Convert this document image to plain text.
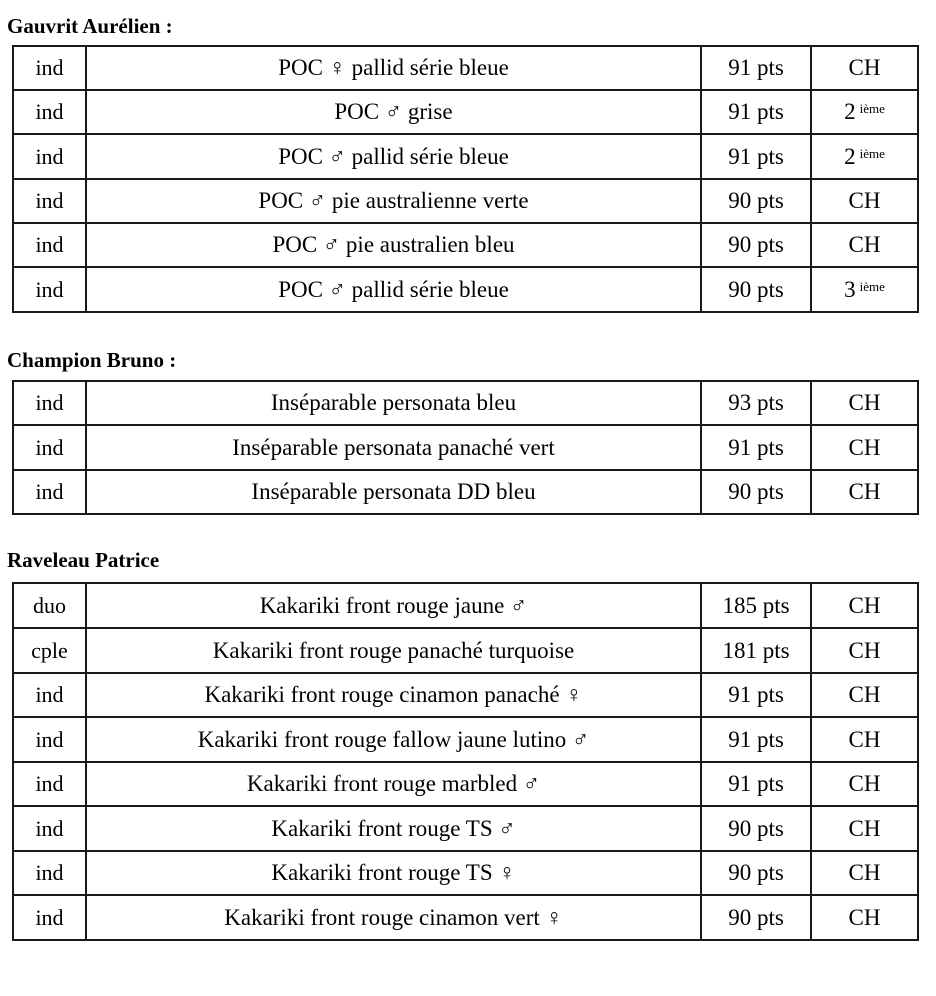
Gauvrit Aurélien :
ind	POC ♀ pallid série bleue	91 pts	CH
ind	POC ♂ grise	91 pts	2 $^{ième}$
ind	POC ♂ pallid série bleue	91 pts	2 $^{ième}$
ind	POC ♂ pie australienne verte	90 pts	CH
ind	POC ♂ pie australien bleu	90 pts	CH
ind	POC ♂ pallid série bleue	90 pts	3 $^{ième}$
Champion Bruno :
ind	Inséparable personata bleu	93 pts	CH
ind	Inséparable personata panaché vert	91 pts	CH
ind	Inséparable personata DD bleu	90 pts	CH
Raveleau Patrice
duo	Kakariki front rouge jaune ♂	185 pts	CH
cple	Kakariki front rouge panaché turquoise	181 pts	CH
ind	Kakariki front rouge cinamon panaché ♀	91 pts	CH
ind	Kakariki front rouge fallow jaune lutino ♂	91 pts	CH
ind	Kakariki front rouge marbled ♂	91 pts	CH
ind	Kakariki front rouge TS ♂	90 pts	CH
ind	Kakariki front rouge TS ♀	90 pts	CH
ind	Kakariki front rouge cinamon vert ♀	90 pts	CH
